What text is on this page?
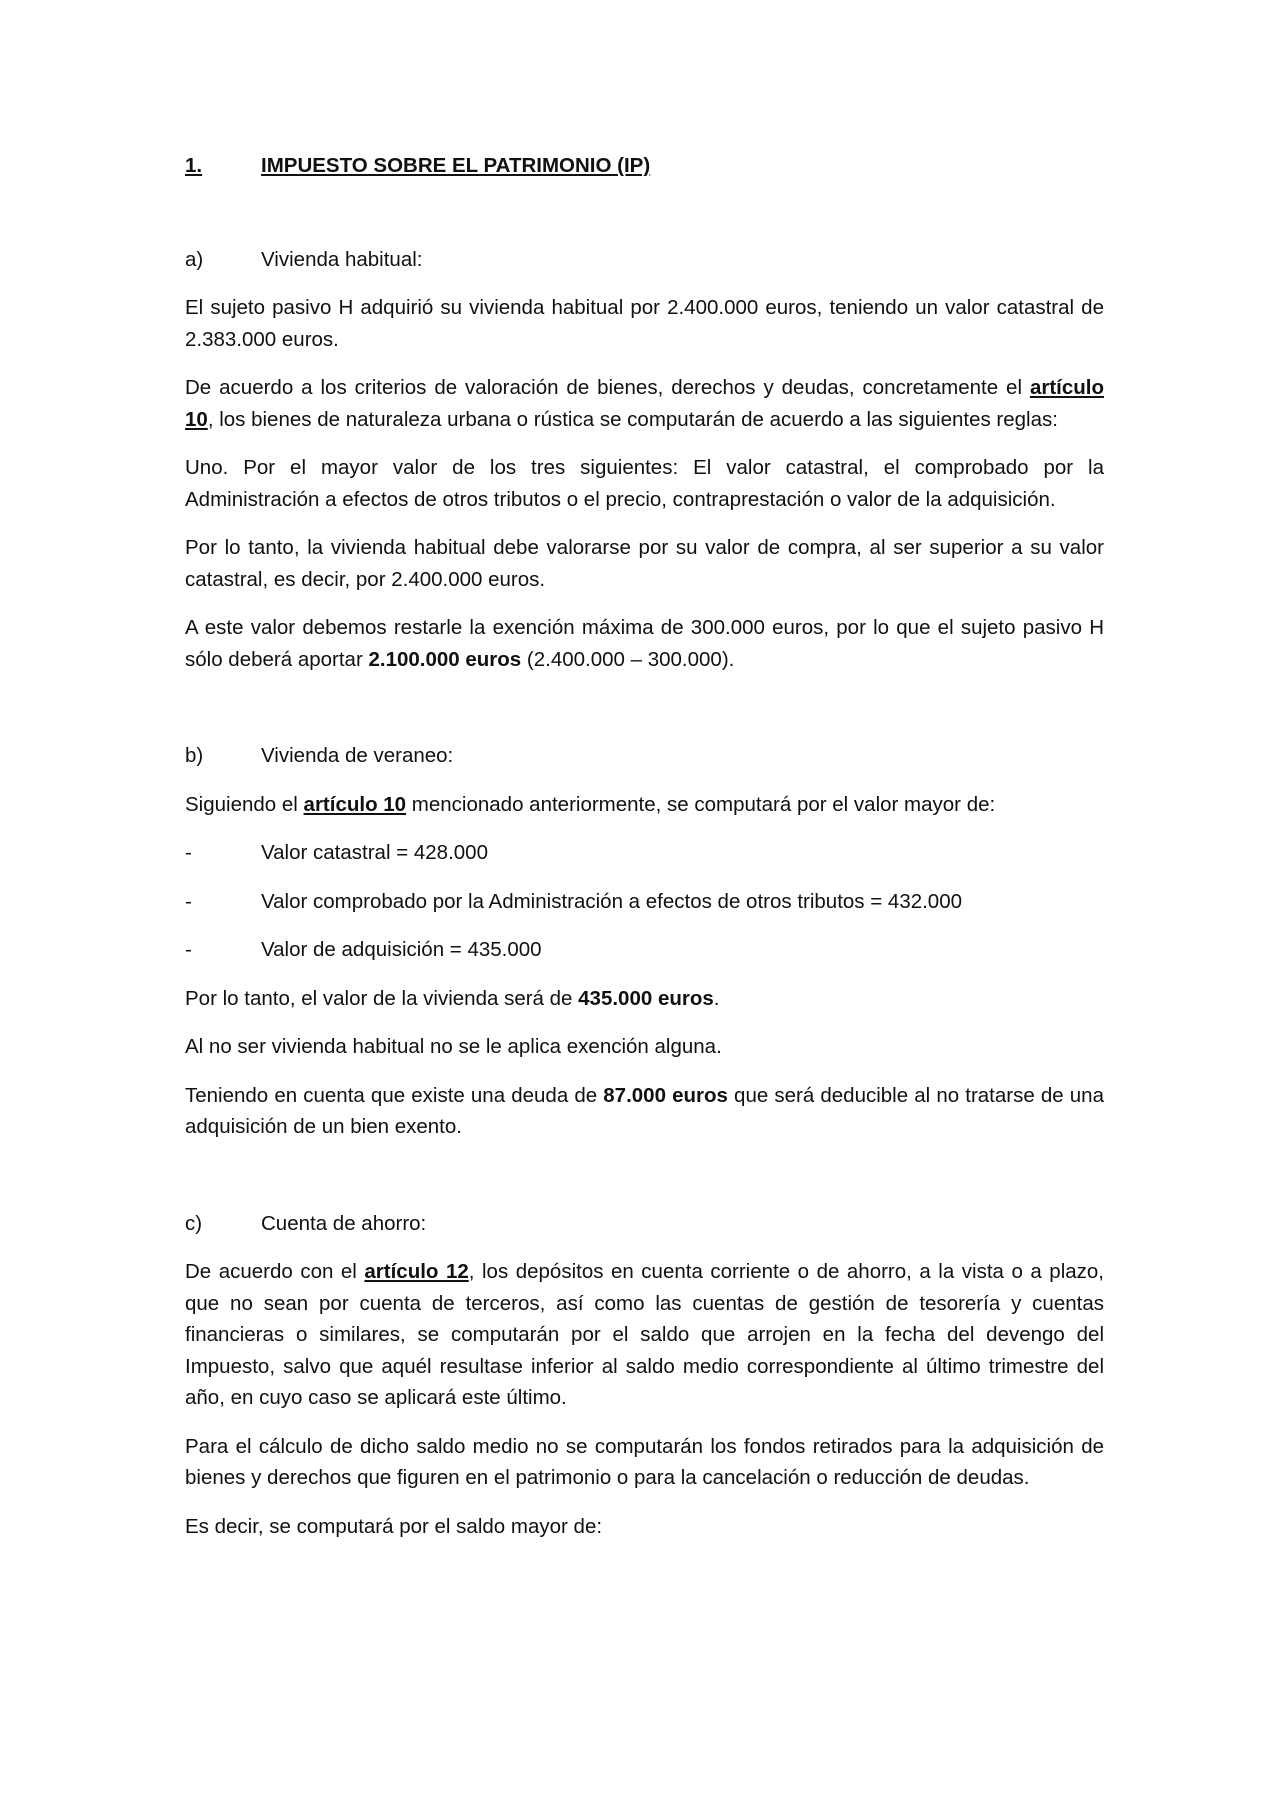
1.	IMPUESTO SOBRE EL PATRIMONIO (IP)
a)	Vivienda habitual:

El sujeto pasivo H adquirió su vivienda habitual por 2.400.000 euros, teniendo un valor catastral de 2.383.000 euros.

De acuerdo a los criterios de valoración de bienes, derechos y deudas, concretamente el artículo 10, los bienes de naturaleza urbana o rústica se computarán de acuerdo a las siguientes reglas:

Uno. Por el mayor valor de los tres siguientes: El valor catastral, el comprobado por la Administración a efectos de otros tributos o el precio, contraprestación o valor de la adquisición.

Por lo tanto, la vivienda habitual debe valorarse por su valor de compra, al ser superior a su valor catastral, es decir, por 2.400.000 euros.

A este valor debemos restarle la exención máxima de 300.000 euros, por lo que el sujeto pasivo H sólo deberá aportar 2.100.000 euros (2.400.000 – 300.000).

b)	Vivienda de veraneo:

Siguiendo el artículo 10 mencionado anteriormente, se computará por el valor mayor de:

-	Valor catastral = 428.000
-	Valor comprobado por la Administración a efectos de otros tributos = 432.000
-	Valor de adquisición = 435.000

Por lo tanto, el valor de la vivienda será de 435.000 euros.

Al no ser vivienda habitual no se le aplica exención alguna.

Teniendo en cuenta que existe una deuda de 87.000 euros que será deducible al no tratarse de una adquisición de un bien exento.

c)	Cuenta de ahorro:

De acuerdo con el artículo 12, los depósitos en cuenta corriente o de ahorro, a la vista o a plazo, que no sean por cuenta de terceros, así como las cuentas de gestión de tesorería y cuentas financieras o similares, se computarán por el saldo que arrojen en la fecha del devengo del Impuesto, salvo que aquél resultase inferior al saldo medio correspondiente al último trimestre del año, en cuyo caso se aplicará este último.

Para el cálculo de dicho saldo medio no se computarán los fondos retirados para la adquisición de bienes y derechos que figuren en el patrimonio o para la cancelación o reducción de deudas.

Es decir, se computará por el saldo mayor de:
